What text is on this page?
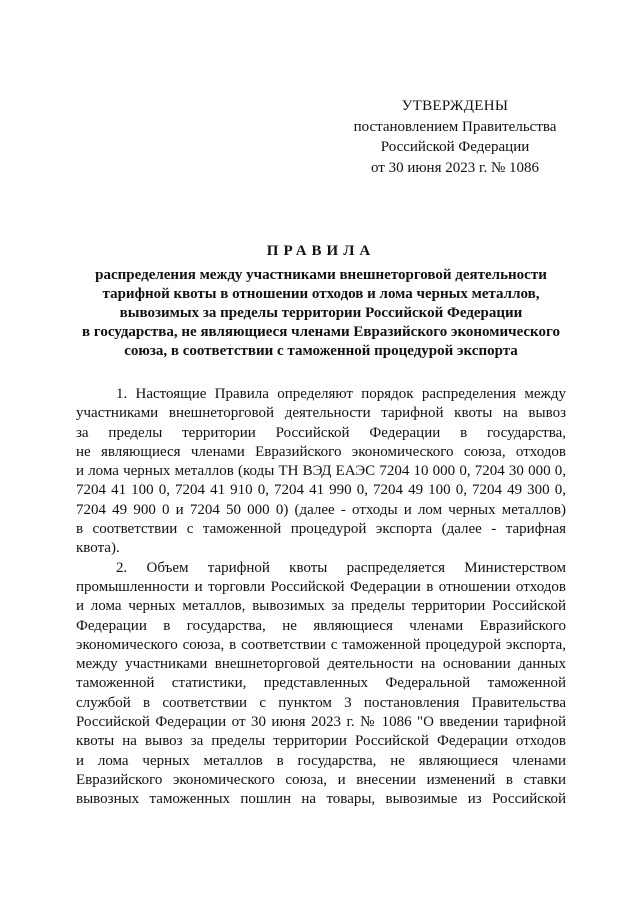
УТВЕРЖДЕНЫ
постановлением Правительства
Российской Федерации
от 30 июня 2023 г. № 1086
ПРАВИЛА
распределения между участниками внешнеторговой деятельности
тарифной квоты в отношении отходов и лома черных металлов,
вывозимых за пределы территории Российской Федерации
в государства, не являющиеся членами Евразийского экономического
союза, в соответствии с таможенной процедурой экспорта
1. Настоящие Правила определяют порядок распределения между
участниками внешнеторговой деятельности тарифной квоты на вывоз
за пределы территории Российской Федерации в государства,
не являющиеся членами Евразийского экономического союза, отходов
и лома черных металлов (коды ТН ВЭД ЕАЭС 7204 10 000 0, 7204 30 000 0,
7204 41 100 0, 7204 41 910 0, 7204 41 990 0, 7204 49 100 0, 7204 49 300 0,
7204 49 900 0 и 7204 50 000 0) (далее - отходы и лом черных металлов)
в соответствии с таможенной процедурой экспорта (далее - тарифная
квота).
2. Объем тарифной квоты распределяется Министерством
промышленности и торговли Российской Федерации в отношении отходов
и лома черных металлов, вывозимых за пределы территории Российской
Федерации в государства, не являющиеся членами Евразийского
экономического союза, в соответствии с таможенной процедурой экспорта,
между участниками внешнеторговой деятельности на основании данных
таможенной статистики, представленных Федеральной таможенной
службой в соответствии с пунктом 3 постановления Правительства
Российской Федерации от 30 июня 2023 г. № 1086 "О введении тарифной
квоты на вывоз за пределы территории Российской Федерации отходов
и лома черных металлов в государства, не являющиеся членами
Евразийского экономического союза, и внесении изменений в ставки
вывозных таможенных пошлин на товары, вывозимые из Российской
